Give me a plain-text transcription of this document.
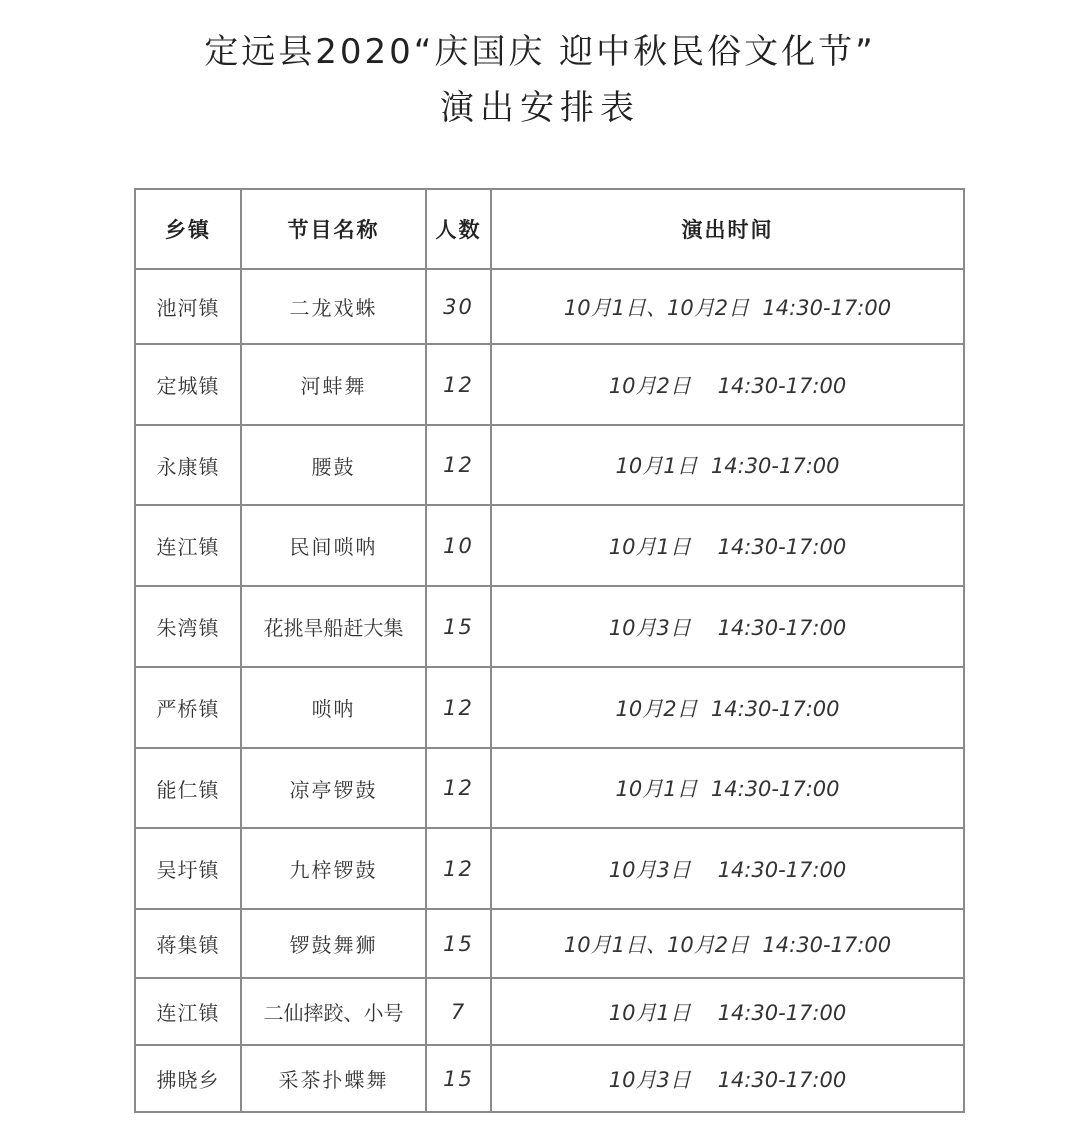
定远县2020“庆国庆 迎中秋民俗文化节”
演出安排表
乡镇	节目名称	人数	演出时间
池河镇	二龙戏蛛	30	10月1日、10月2日  14:30-17:00
定城镇	河蚌舞	12	10月2日    14:30-17:00
永康镇	腰鼓	12	10月1日  14:30-17:00
连江镇	民间唢呐	10	10月1日    14:30-17:00
朱湾镇	花挑旱船赶大集	15	10月3日    14:30-17:00
严桥镇	唢呐	12	10月2日  14:30-17:00
能仁镇	凉亭锣鼓	12	10月1日  14:30-17:00
吴圩镇	九梓锣鼓	12	10月3日    14:30-17:00
蒋集镇	锣鼓舞狮	15	10月1日、10月2日  14:30-17:00
连江镇	二仙摔跤、小号	7	10月1日    14:30-17:00
拂晓乡	采茶扑蝶舞	15	10月3日    14:30-17:00
